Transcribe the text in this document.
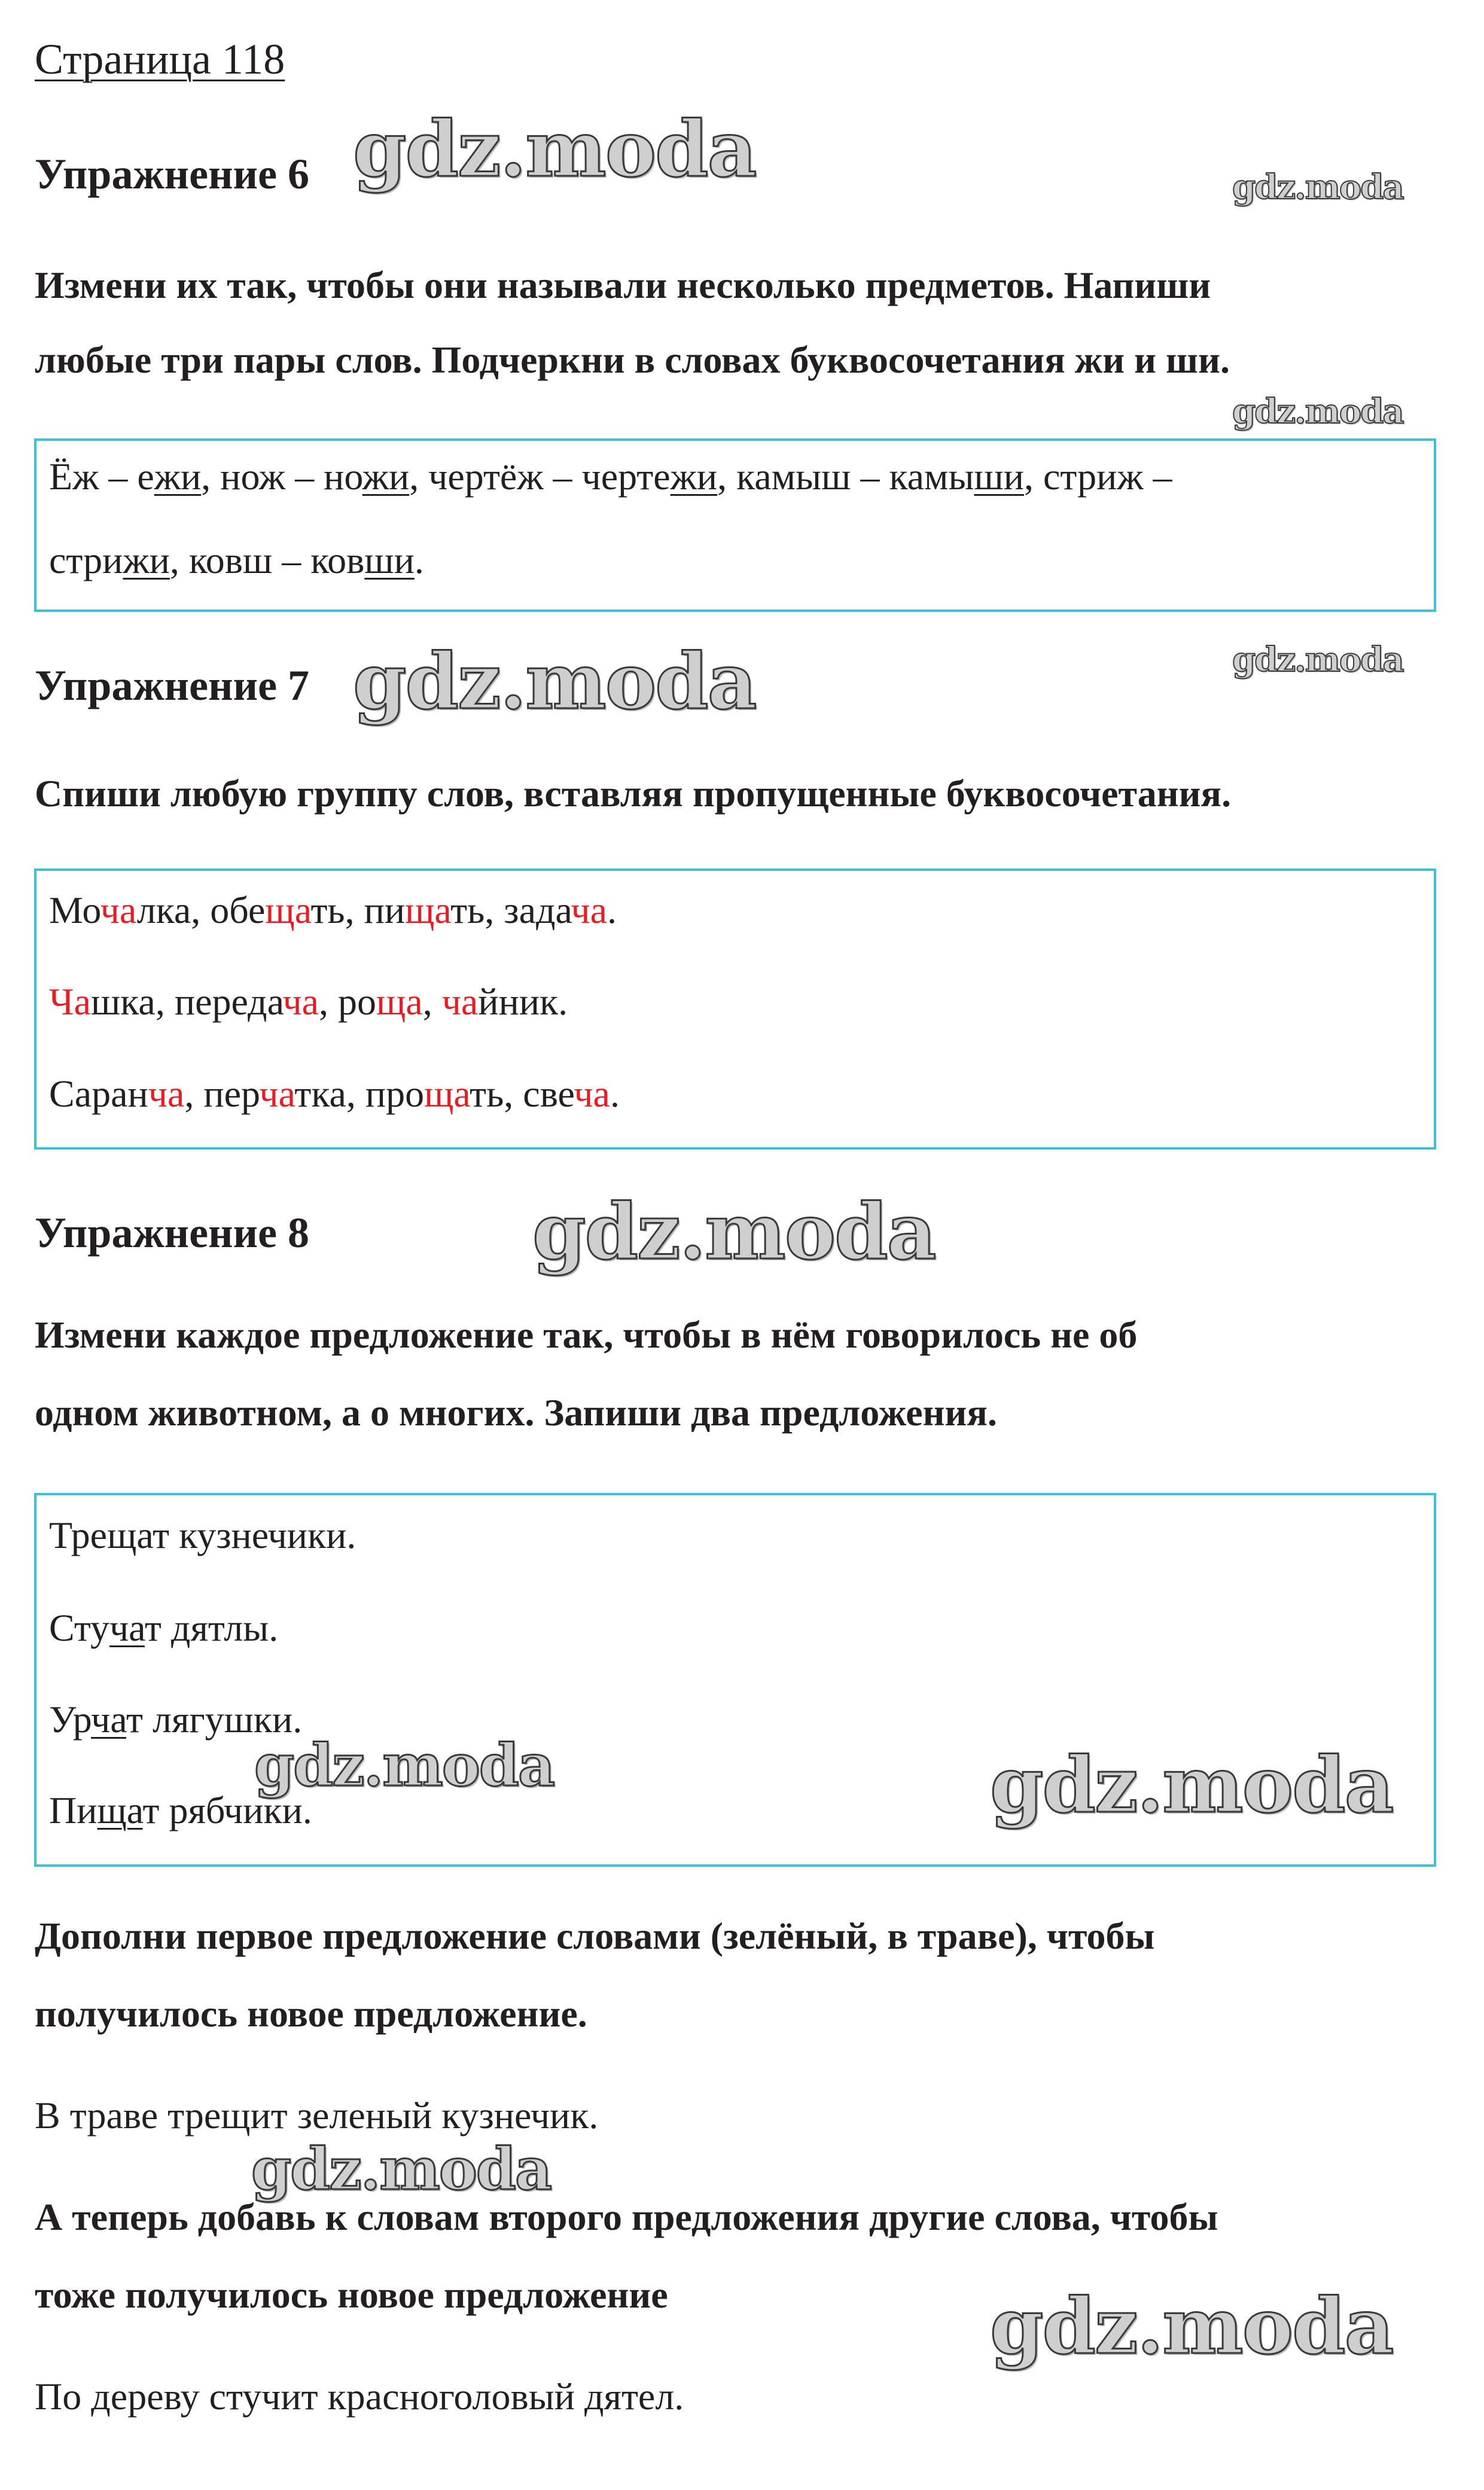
Страница 118

Упражнение 6

Измени их так, чтобы они называли несколько предметов. Напиши

любые три пары слов. Подчеркни в словах буквосочетания жи и ши.

Ёж – ежи, нож – ножи, чертёж – чертежи, камыш – камыши, стриж –

стрижи, ковш – ковши.

Упражнение 7

Спиши любую группу слов, вставляя пропущенные буквосочетания.

Мочалка, обещать, пищать, задача.

Чашка, передача, роща, чайник.

Саранча, перчатка, прощать, свеча.

Упражнение 8

Измени каждое предложение так, чтобы в нём говорилось не об

одном животном, а о многих. Запиши два предложения.

Трещат кузнечики.

Стучат дятлы.

Урчат лягушки.

Пищат рябчики.

Дополни первое предложение словами (зелёный, в траве), чтобы

получилось новое предложение.

В траве трещит зеленый кузнечик.

А теперь добавь к словам второго предложения другие слова, чтобы

тоже получилось новое предложение

По дереву стучит красноголовый дятел.

gdz.moda	gdz.moda
gdz.moda
gdz.moda	gdz.moda
gdz.moda
gdz.moda	gdz.moda
gdz.moda
gdz.moda
